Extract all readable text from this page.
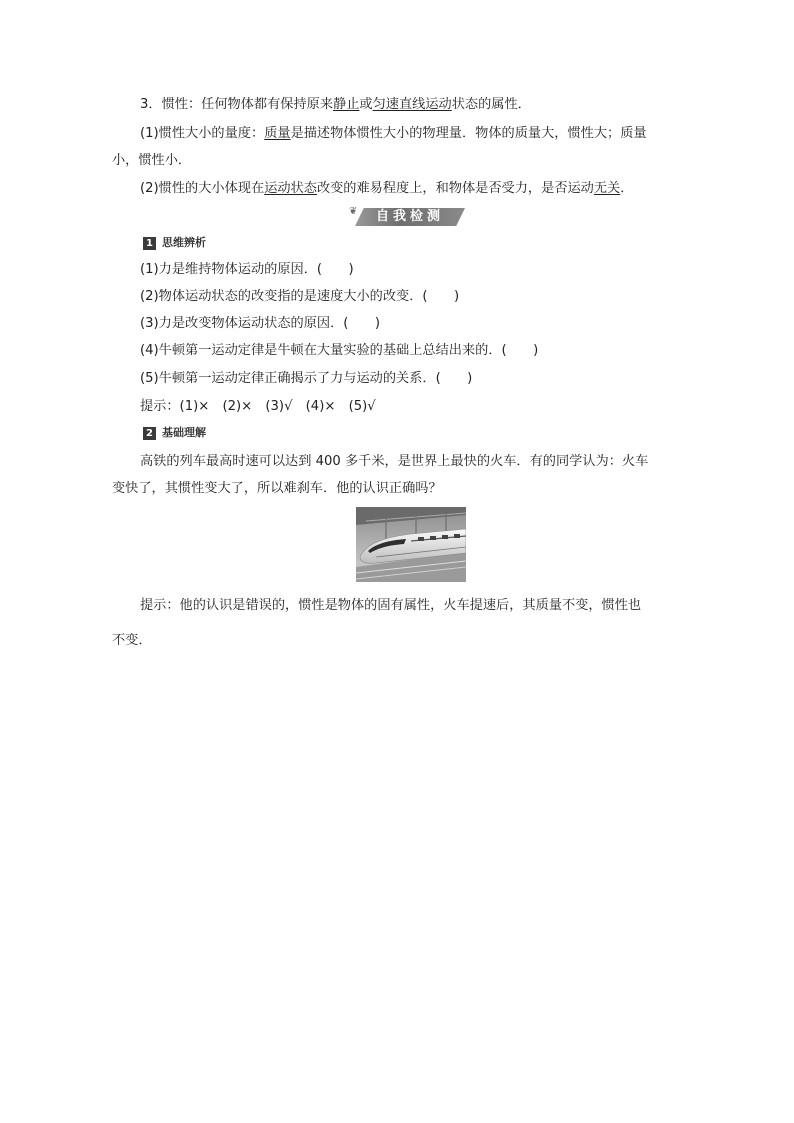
3．惯性：任何物体都有保持原来静止或匀速直线运动状态的属性．
(1)惯性大小的量度：质量是描述物体惯性大小的物理量．物体的质量大，惯性大；质量
小，惯性小．
(2)惯性的大小体现在运动状态改变的难易程度上，和物体是否受力，是否运动无关．
❦	自我检测
1 思维辨析
(1)力是维持物体运动的原因．(　　)
(2)物体运动状态的改变指的是速度大小的改变．(　　)
(3)力是改变物体运动状态的原因．(　　)
(4)牛顿第一运动定律是牛顿在大量实验的基础上总结出来的．(　　)
(5)牛顿第一运动定律正确揭示了力与运动的关系．(　　)
提示：(1)×　(2)×　(3)√　(4)×　(5)√
2 基础理解
高铁的列车最高时速可以达到 400 多千米，是世界上最快的火车．有的同学认为：火车
变快了，其惯性变大了，所以难刹车．他的认识正确吗？
提示：他的认识是错误的，惯性是物体的固有属性，火车提速后，其质量不变，惯性也
不变．
